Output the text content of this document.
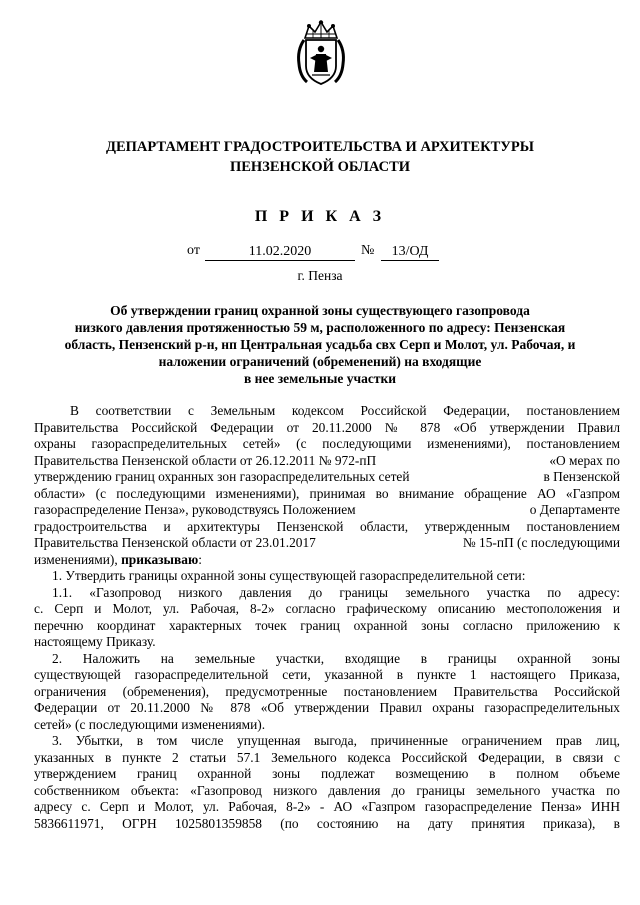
ДЕПАРТАМЕНТ ГРАДОСТРОИТЕЛЬСТВА И АРХИТЕКТУРЫ
ПЕНЗЕНСКОЙ ОБЛАСТИ
П Р И К А З
от	11.02.2020	№	13/ОД
г. Пенза
Об утверждении границ охранной зоны существующего газопровода
низкого давления протяженностью 59 м, расположенного по адресу: Пензенская
область, Пензенский р-н, нп Центральная усадьба свх Серп и Молот, ул. Рабочая, и
наложении ограничений (обременений) на входящие
в нее земельные участки
В соответствии с Земельным кодексом Российской Федерации, постановлением
Правительства Российской Федерации от 20.11.2000 № 878 «Об утверждении Правил
охраны газораспределительных сетей» (с последующими изменениями), постановлением
Правительства Пензенской области от 26.12.2011 № 972-пП	«О мерах по
утверждению границ охранных зон газораспределительных сетей	в Пензенской
области» (с последующими изменениями), принимая во внимание обращение АО «Газпром
газораспределение Пенза», руководствуясь Положением	о Департаменте
градостроительства и архитектуры Пензенской области, утвержденным постановлением
Правительства Пензенской области от 23.01.2017	№ 15-пП (с последующими
изменениями), приказываю:
1. Утвердить границы охранной зоны существующей газораспределительной сети:
1.1. «Газопровод низкого давления до границы земельного участка по адресу:
с. Серп и Молот, ул. Рабочая, 8-2» согласно графическому описанию местоположения и
перечню координат характерных точек границ охранной зоны согласно приложению к
настоящему Приказу.
2. Наложить на земельные участки, входящие в границы охранной зоны
существующей газораспределительной сети, указанной в пункте 1 настоящего Приказа,
ограничения (обременения), предусмотренные постановлением Правительства Российской
Федерации от 20.11.2000 № 878 «Об утверждении Правил охраны газораспределительных
сетей» (с последующими изменениями).
3. Убытки, в том числе упущенная выгода, причиненные ограничением прав лиц,
указанных в пункте 2 статьи 57.1 Земельного кодекса Российской Федерации, в связи с
утверждением границ охранной зоны подлежат возмещению в полном объеме
собственником объекта: «Газопровод низкого давления до границы земельного участка по
адресу с. Серп и Молот, ул. Рабочая, 8-2» - АО «Газпром газораспределение Пенза» ИНН
5836611971, ОГРН 1025801359858 (по состоянию на дату принятия приказа), в
